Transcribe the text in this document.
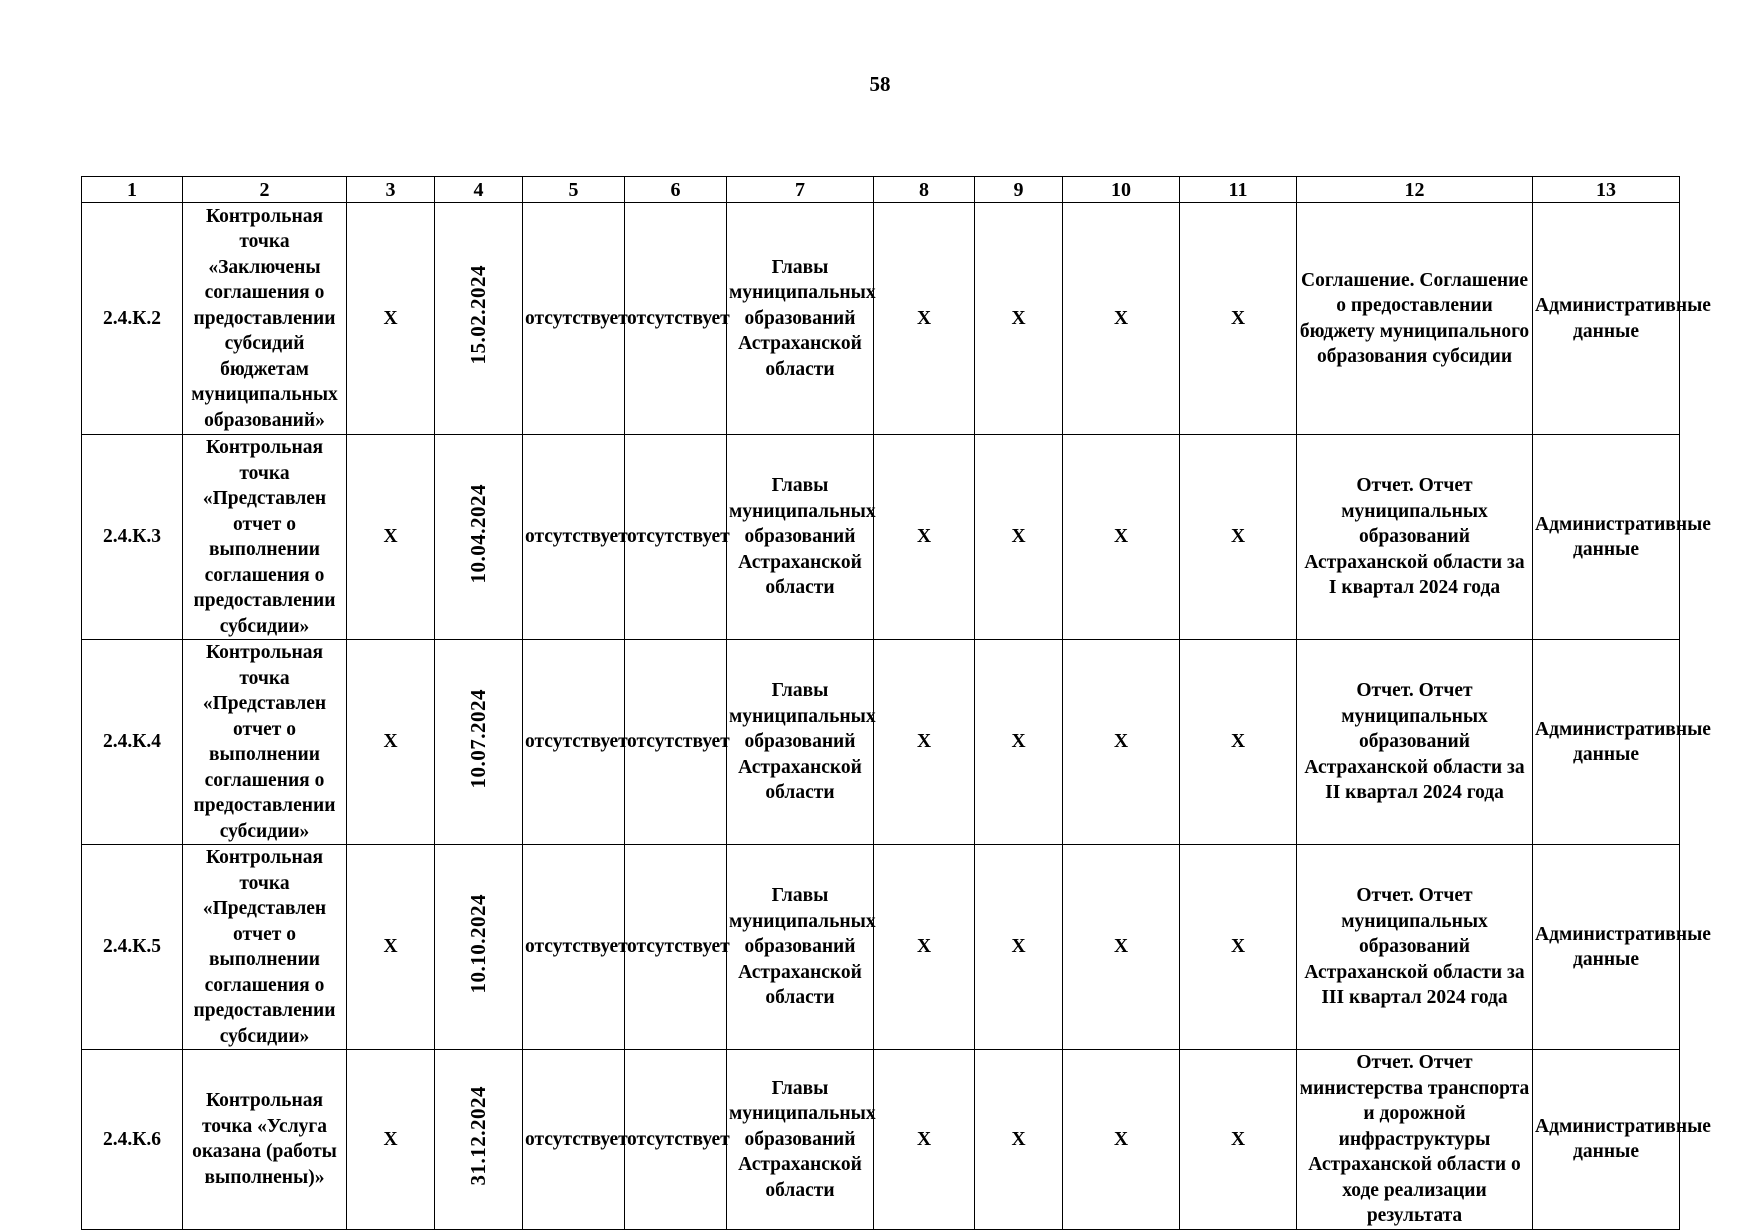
58
1	2	3	4	5	6	7	8	9	10	11	12	13
2.4.К.2	Контрольная точка «Заключены соглашения о предоставлении субсидий бюджетам муниципальных образований»	X	15.02.2024	отсутствует	отсутствует	Главы муниципальных образований Астраханской области	X	X	X	X	Соглашение. Соглашение о предоставлении бюджету муниципального образования субсидии	Административные данные
2.4.К.3	Контрольная точка «Представлен отчет о выполнении соглашения о предоставлении субсидии»	X	10.04.2024	отсутствует	отсутствует	Главы муниципальных образований Астраханской области	X	X	X	X	Отчет. Отчет муниципальных образований Астраханской области за I квартал 2024 года	Административные данные
2.4.К.4	Контрольная точка «Представлен отчет о выполнении соглашения о предоставлении субсидии»	X	10.07.2024	отсутствует	отсутствует	Главы муниципальных образований Астраханской области	X	X	X	X	Отчет. Отчет муниципальных образований Астраханской области за II квартал 2024 года	Административные данные
2.4.К.5	Контрольная точка «Представлен отчет о выполнении соглашения о предоставлении субсидии»	X	10.10.2024	отсутствует	отсутствует	Главы муниципальных образований Астраханской области	X	X	X	X	Отчет. Отчет муниципальных образований Астраханской области за III квартал 2024 года	Административные данные
2.4.К.6	Контрольная точка «Услуга оказана (работы выполнены)»	X	31.12.2024	отсутствует	отсутствует	Главы муниципальных образований Астраханской области	X	X	X	X	Отчет. Отчет министерства транспорта и дорожной инфраструктуры Астраханской области о ходе реализации результата	Административные данные
